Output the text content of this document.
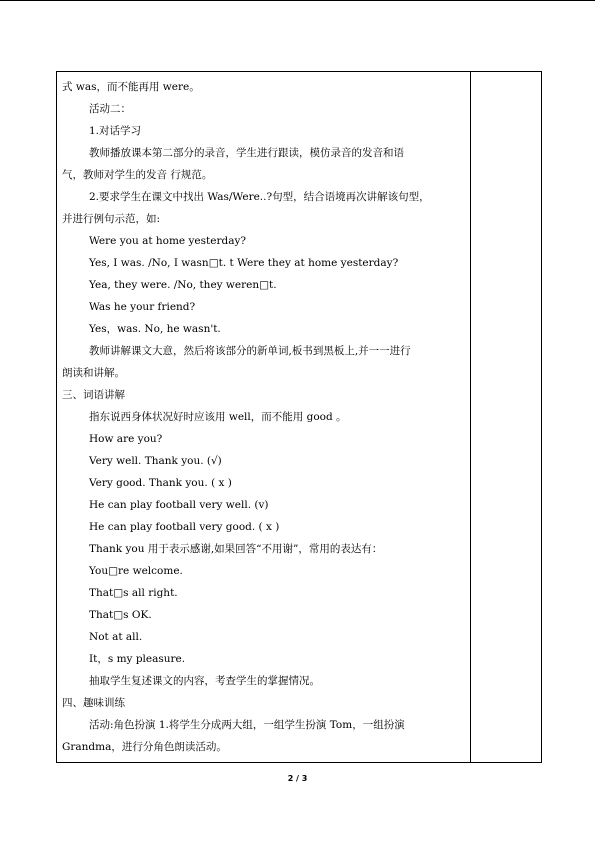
式 was，而不能再用 were。
活动二：
1.对话学习
教师播放课本第二部分的录音，学生进行跟读，模仿录音的发音和语
气，教师对学生的发音 行规范。
2.要求学生在课文中找出 Was/Were..?句型，结合语境再次讲解该句型，
并进行例句示范，如:
Were you at home yesterday?
Yes, I was. /No, I wasn□t. t Were they at home yesterday?
Yea, they were. /No, they weren□t.
Was he your friend?
Yes，was. No, he wasn't.
教师讲解课文大意，然后将该部分的新单词,板书到黑板上,并一一进行
朗读和讲解。
三、词语讲解
指东说西身体状况好时应该用 well，而不能用 good 。
How are you?
Very well. Thank you. (√)
Very good. Thank you. ( x )
He can play football very well. (v)
He can play football very good. ( x )
Thank you 用于表示感谢,如果回答“不用谢”，常用的表达有：
You□re welcome.
That□s all right.
That□s OK.
Not at all.
It，s my pleasure.
抽取学生复述课文的内容，考查学生的掌握情况。
四、趣味训练
活动:角色扮演 1.将学生分成两大组，一组学生扮演 Tom，一组扮演
Grandma，进行分角色朗读活动。
2 / 3
